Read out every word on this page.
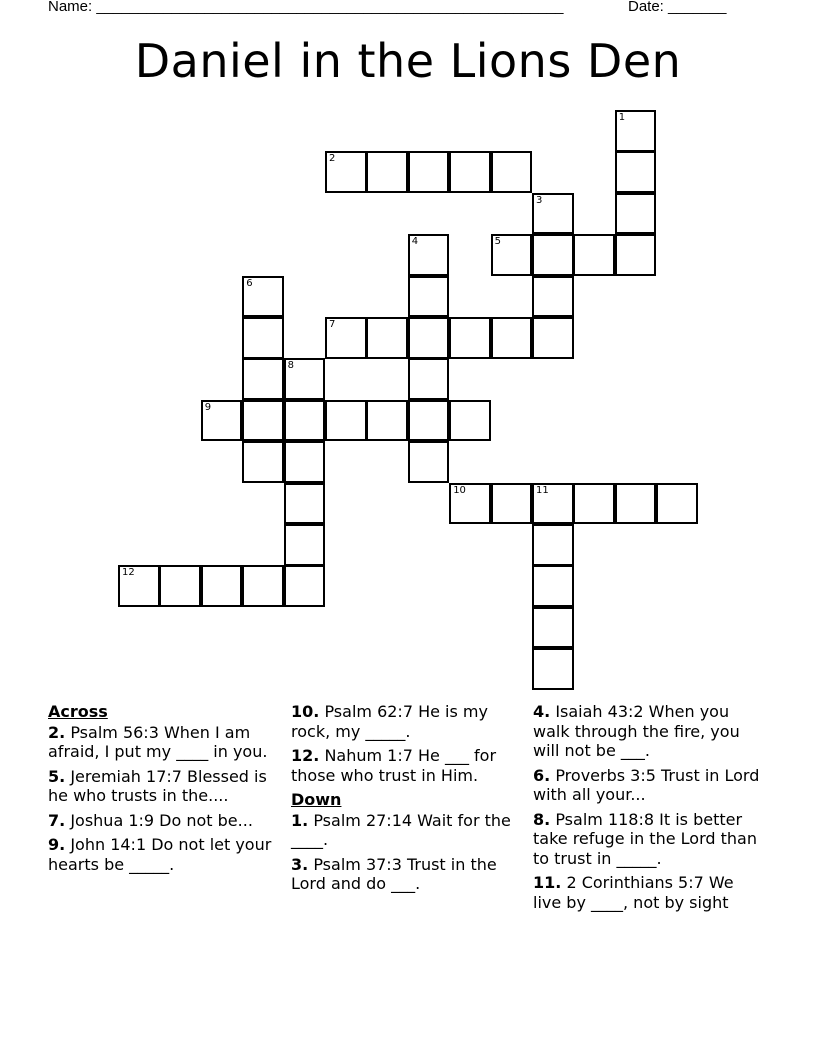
Name: ________________________________________________________	Date: _______
Daniel in the Lions Den
1
2
3
4	5
6
7
8
9
10	11
12
Across
2. Psalm 56:3 When I am afraid, I put my ____ in you.
5. Jeremiah 17:7 Blessed is he who trusts in the....
7. Joshua 1:9 Do not be...
9. John 14:1 Do not let your hearts be _____.
10. Psalm 62:7 He is my rock, my _____.
12. Nahum 1:7 He ___ for those who trust in Him.
Down
1. Psalm 27:14 Wait for the ____.
3. Psalm 37:3 Trust in the Lord and do ___.
4. Isaiah 43:2 When you walk through the fire, you will not be ___.
6. Proverbs 3:5 Trust in Lord with all your...
8. Psalm 118:8 It is better take refuge in the Lord than to trust in _____.
11. 2 Corinthians 5:7 We live by ____, not by sight
